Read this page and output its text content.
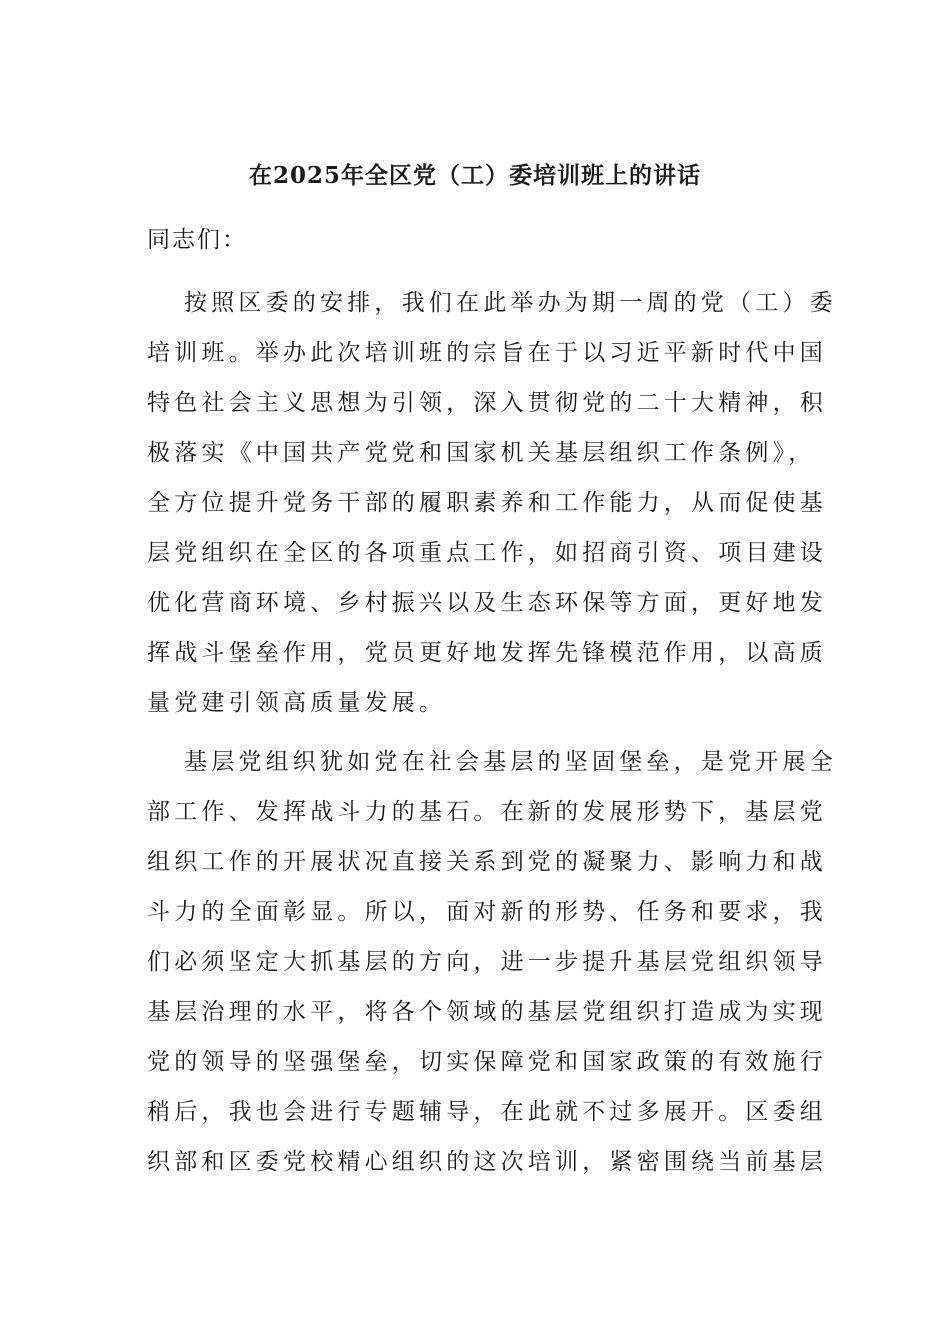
在2025年全区党（工）委培训班上的讲话
同志们：
按照区委的安排，我们在此举办为期一周的党（工）委
培训班。举办此次培训班的宗旨在于以习近平新时代中国
特色社会主义思想为引领，深入贯彻党的二十大精神，积
极落实《中国共产党党和国家机关基层组织工作条例》，
全方位提升党务干部的履职素养和工作能力，从而促使基
层党组织在全区的各项重点工作，如招商引资、项目建设
优化营商环境、乡村振兴以及生态环保等方面，更好地发
挥战斗堡垒作用，党员更好地发挥先锋模范作用，以高质
量党建引领高质量发展。
基层党组织犹如党在社会基层的坚固堡垒，是党开展全
部工作、发挥战斗力的基石。在新的发展形势下，基层党
组织工作的开展状况直接关系到党的凝聚力、影响力和战
斗力的全面彰显。所以，面对新的形势、任务和要求，我
们必须坚定大抓基层的方向，进一步提升基层党组织领导
基层治理的水平，将各个领域的基层党组织打造成为实现
党的领导的坚强堡垒，切实保障党和国家政策的有效施行
稍后，我也会进行专题辅导，在此就不过多展开。区委组
织部和区委党校精心组织的这次培训，紧密围绕当前基层
